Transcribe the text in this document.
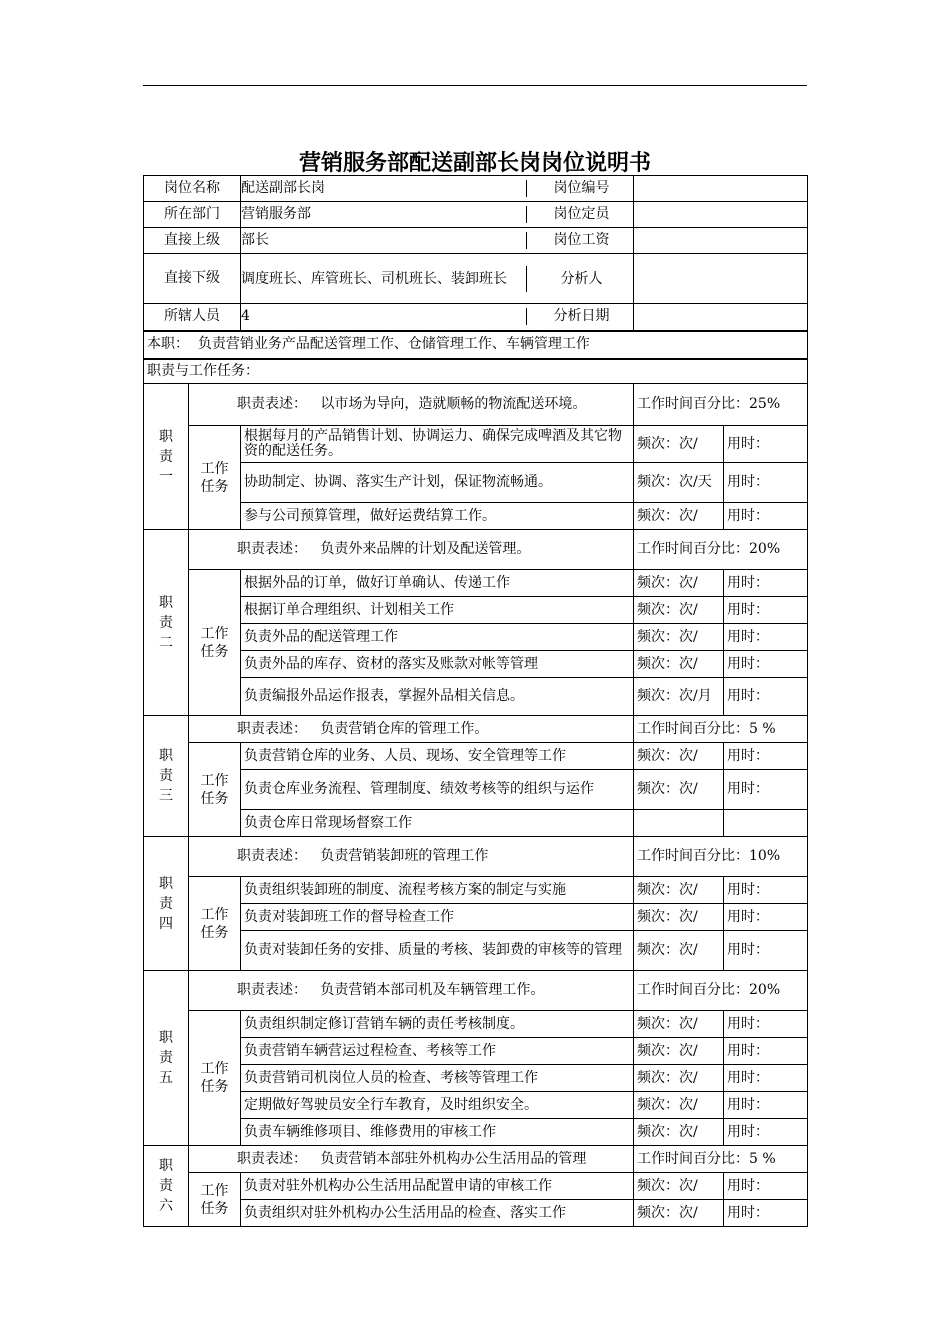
营销服务部配送副部长岗岗位说明书
岗位名称		配送副部长岗 岗位编号		

所在部门		营销服务部 岗位定员		

直接上级		部长 岗位工资		

直接下级		调度班长、库管班长、司机班长、装卸班长 分析人		

所辖人员		4 分析日期		

本职： 负责营销业务产品配送管理工作、仓储管理工作、车辆管理工作				
职责与工作任务：				

职责一	职责表述： 以市场为导向，造就顺畅的物流配送环境。		工作时间百分比：25%	

	工作任务	根据每月的产品销售计划、协调运力、确保完成啤酒及其它物资的配送任务。	频次：次/	用时：
		协助制定、协调、落实生产计划，保证物流畅通。	频次：次/天	用时：
		参与公司预算管理，做好运费结算工作。	频次：次/	用时：

职责二	职责表述： 负责外来品牌的计划及配送管理。		工作时间百分比：20%	

	工作任务	根据外品的订单，做好订单确认、传递工作	频次：次/	用时：
		根据订单合理组织、计划相关工作	频次：次/	用时：
		负责外品的配送管理工作	频次：次/	用时：
		负责外品的库存、资材的落实及账款对帐等管理	频次：次/	用时：
		负责编报外品运作报表，掌握外品相关信息。	频次：次/月	用时：

职责三	职责表述： 负责营销仓库的管理工作。		工作时间百分比：5 %	

	工作任务	负责营销仓库的业务、人员、现场、安全管理等工作	频次：次/	用时：
		负责仓库业务流程、管理制度、绩效考核等的组织与运作	频次：次/	用时：
		负责仓库日常现场督察工作		

职责四	职责表述： 负责营销装卸班的管理工作		工作时间百分比：10%	

	工作任务	负责组织装卸班的制度、流程考核方案的制定与实施	频次：次/	用时：
		负责对装卸班工作的督导检查工作	频次：次/	用时：
		负责对装卸任务的安排、质量的考核、装卸费的审核等的管理	频次：次/	用时：

职责五	职责表述： 负责营销本部司机及车辆管理工作。		工作时间百分比：20%	

	工作任务	负责组织制定修订营销车辆的责任考核制度。	频次：次/	用时：
		负责营销车辆营运过程检查、考核等工作	频次：次/	用时：
		负责营销司机岗位人员的检查、考核等管理工作	频次：次/	用时：
		定期做好驾驶员安全行车教育，及时组织安全。	频次：次/	用时：
		负责车辆维修项目、维修费用的审核工作	频次：次/	用时：

职责六	职责表述： 负责营销本部驻外机构办公生活用品的管理		工作时间百分比：5 %	

	工作任务	负责对驻外机构办公生活用品配置申请的审核工作	频次：次/	用时：
		负责组织对驻外机构办公生活用品的检查、落实工作	频次：次/	用时：
